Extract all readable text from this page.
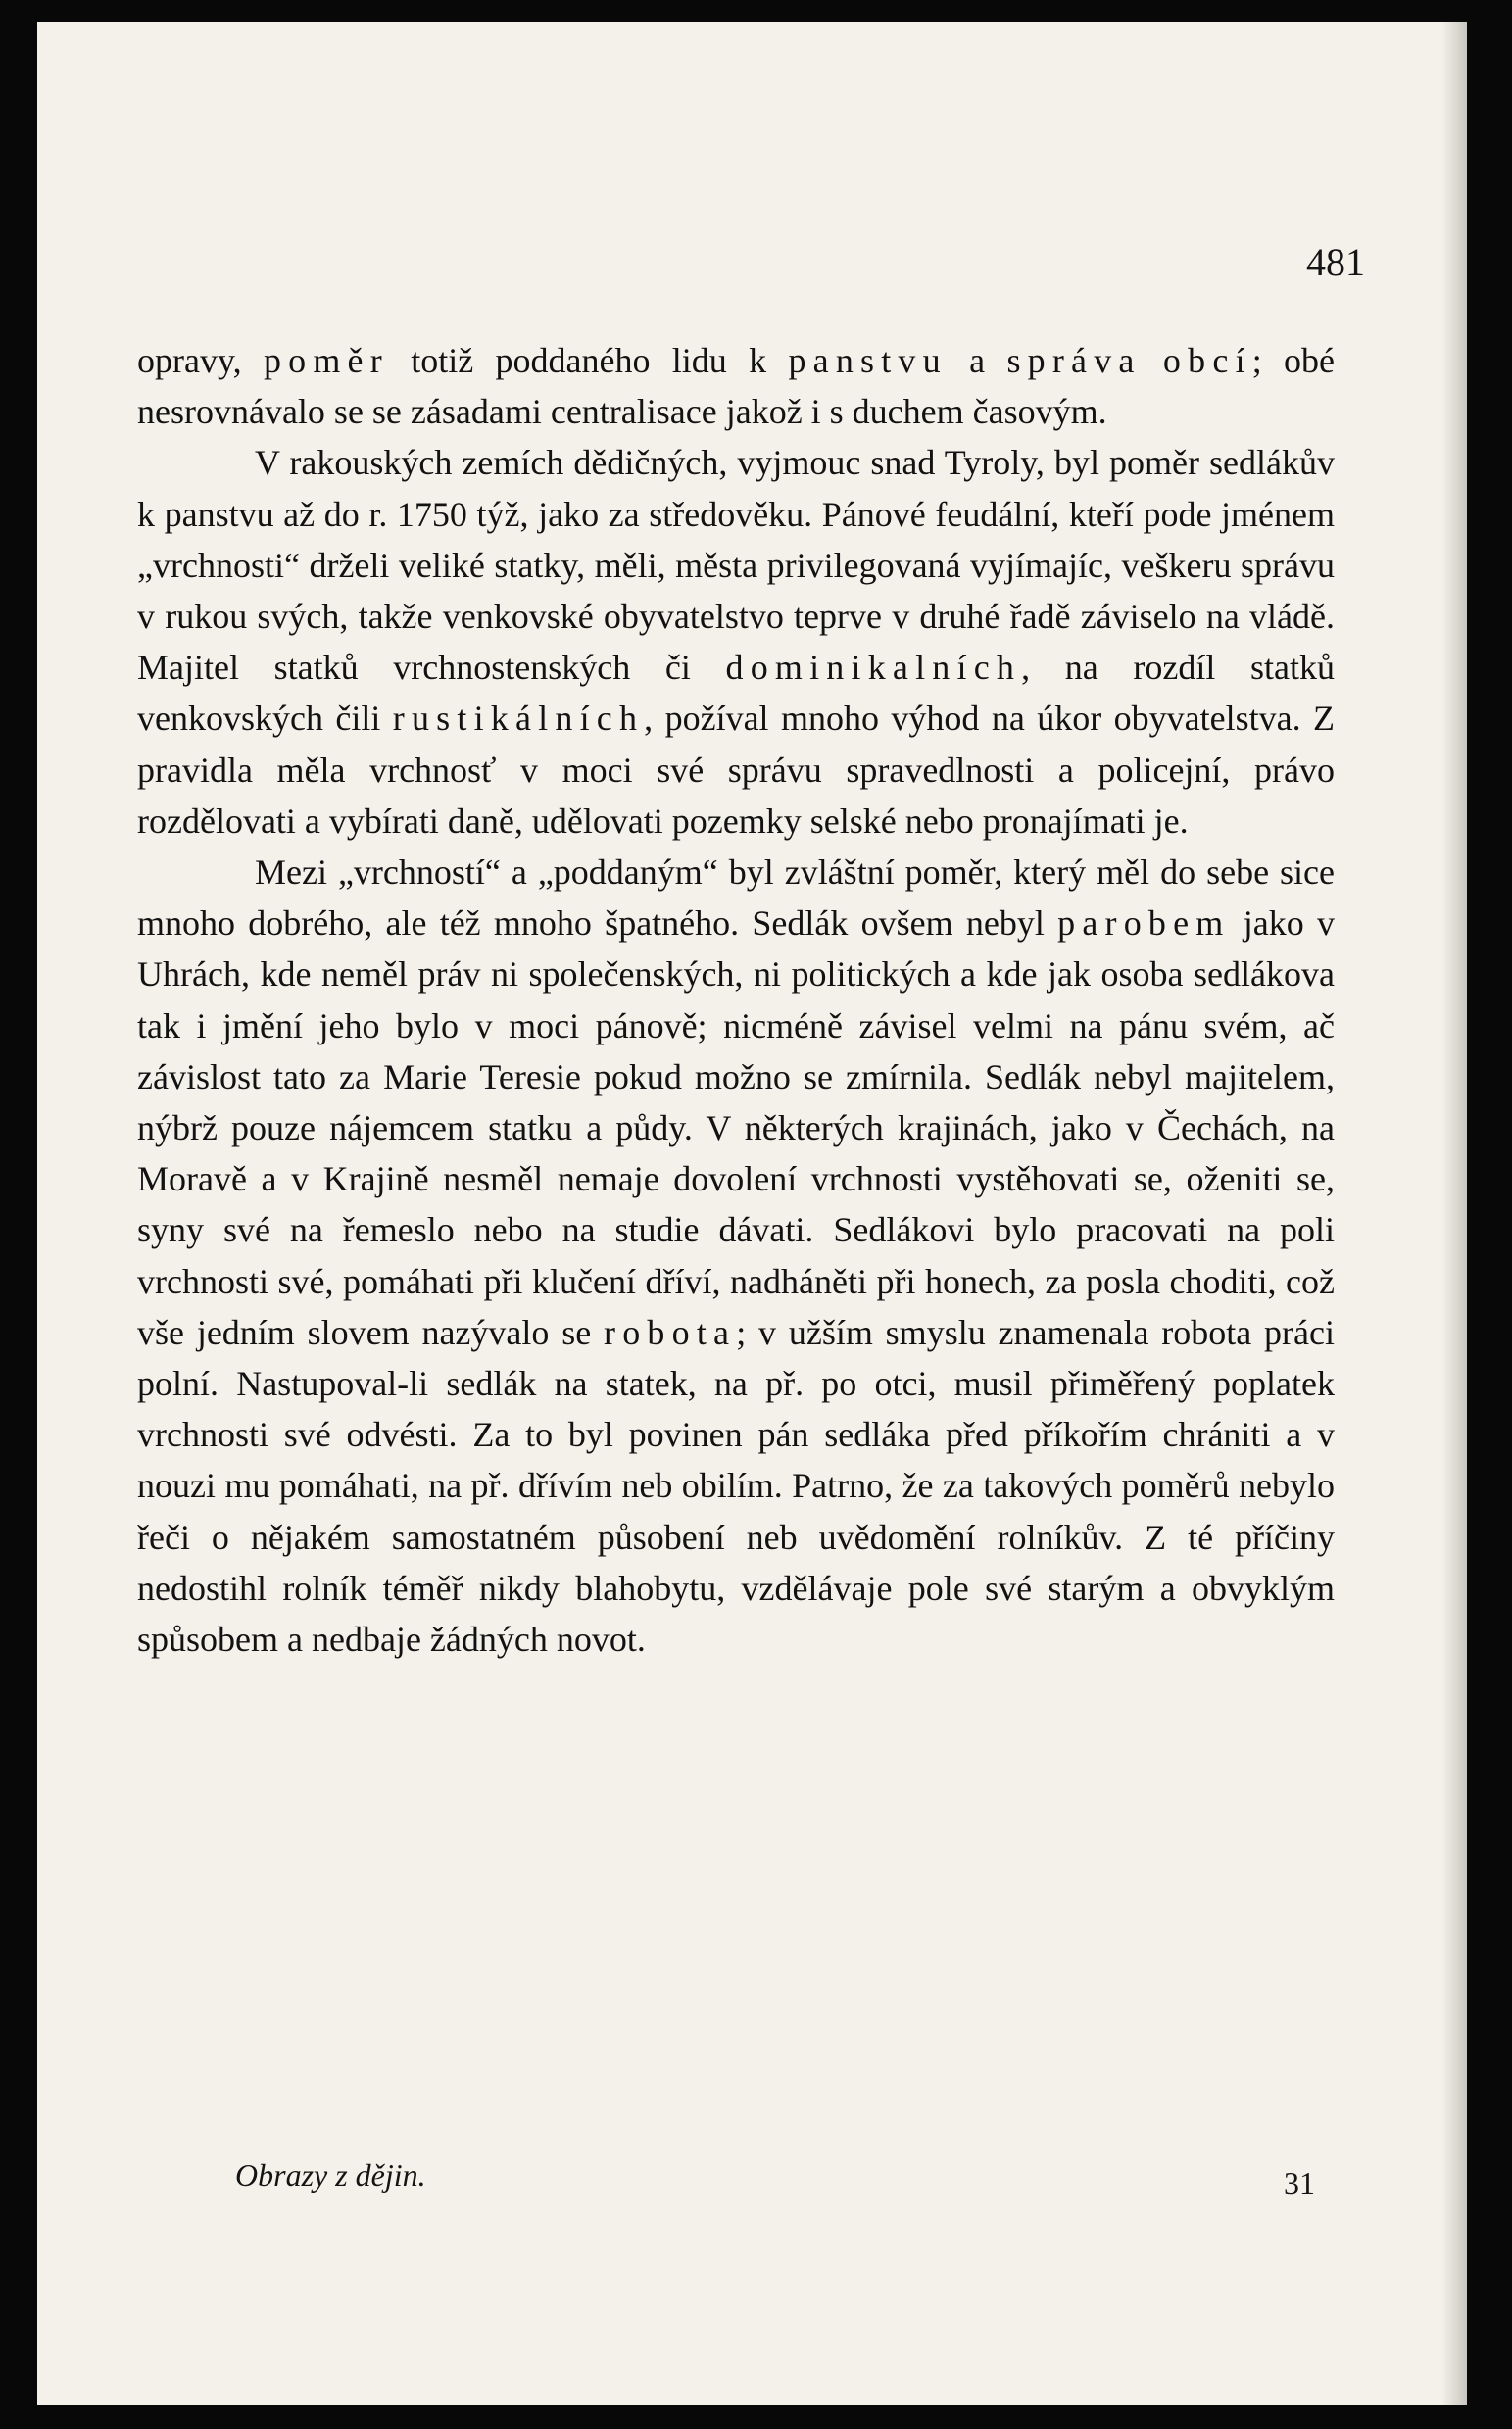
481

opravy, poměr totiž poddaného lidu k panstvu a správa obcí; obé nesrovnávalo se se zásadami centralisace jakož i s duchem časovým.

V rakouských zemích dědičných, vyjmouc snad Tyroly, byl poměr sedlákův k panstvu až do r. 1750 týž, jako za středověku. Pánové feudální, kteří pode jménem „vrchnosti“ drželi veliké statky, měli, města privilegovaná vyjímajíc, veškeru správu v rukou svých, takže venkovské obyvatelstvo teprve v druhé řadě záviselo na vládě. Majitel statků vrchnostenských či dominikalních, na rozdíl statků venkovských čili rustikálních, požíval mnoho výhod na úkor obyvatelstva. Z pravidla měla vrchnosť v moci své správu spravedlnosti a policejní, právo rozdělovati a vybírati daně, udělovati pozemky selské nebo pronajímati je.

Mezi „vrchností“ a „poddaným“ byl zvláštní poměr, který měl do sebe sice mnoho dobrého, ale též mnoho špatného. Sedlák ovšem nebyl parobem jako v Uhrách, kde neměl práv ni společenských, ni politických a kde jak osoba sedlákova tak i jmění jeho bylo v moci pánově; nicméně závisel velmi na pánu svém, ač závislost tato za Marie Teresie pokud možno se zmírnila. Sedlák nebyl majitelem, nýbrž pouze nájemcem statku a půdy. V některých krajinách, jako v Čechách, na Moravě a v Krajině nesměl nemaje dovolení vrchnosti vystěhovati se, oženiti se, syny své na řemeslo nebo na studie dávati. Sedlákovi bylo pracovati na poli vrchnosti své, pomáhati při klučení dříví, nadháněti při honech, za posla choditi, což vše jedním slovem nazývalo se robota; v užším smyslu znamenala robota práci polní. Nastupoval-li sedlák na statek, na př. po otci, musil přiměřený poplatek vrchnosti své odvésti. Za to byl povinen pán sedláka před příkořím chrániti a v nouzi mu pomáhati, na př. dřívím neb obilím. Patrno, že za takových poměrů nebylo řeči o nějakém samostatném působení neb uvědomění rolníkův. Z té příčiny nedostihl rolník téměř nikdy blahobytu, vzdělávaje pole své starým a obvyklým spůsobem a nedbaje žádných novot.

Obrazy z dějin.	31
